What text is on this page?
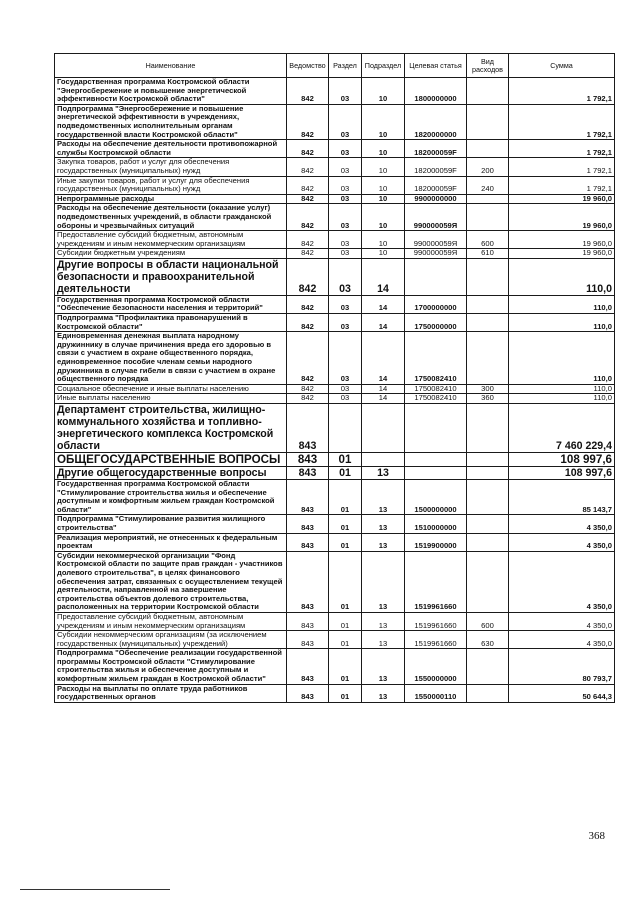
Наименование	Ведомство	Раздел	Подраздел	Целевая статья	Вид расходов	Сумма
Государственная программа Костромской области "Энергосбережение и повышение энергетической эффективности Костромской области"	842	03	10	1800000000		1 792,1
Подпрограмма "Энергосбережение и повышение энергетической эффективности в учреждениях, подведомственных исполнительным органам государственной власти Костромской области"	842	03	10	1820000000		1 792,1
Расходы на обеспечение деятельности противопожарной службы Костромской области	842	03	10	182000059F		1 792,1
Закупка товаров, работ и услуг для обеспечения государственных (муниципальных) нужд	842	03	10	182000059F	200	1 792,1
Иные закупки товаров, работ и услуг для обеспечения государственных (муниципальных) нужд	842	03	10	182000059F	240	1 792,1
Непрограммные расходы	842	03	10	9900000000		19 960,0
Расходы на обеспечение деятельности (оказание услуг) подведомственных учреждений, в области гражданской обороны и чрезвычайных ситуаций	842	03	10	990000059Я		19 960,0
Предоставление субсидий бюджетным, автономным учреждениям и иным некоммерческим организациям	842	03	10	990000059Я	600	19 960,0
Субсидии бюджетным учреждениям	842	03	10	990000059Я	610	19 960,0
Другие вопросы в области национальной безопасности и правоохранительной деятельности	842	03	14			110,0
Государственная программа Костромской области "Обеспечение безопасности населения и территорий"	842	03	14	1700000000		110,0
Подпрограмма "Профилактика правонарушений в Костромской области"	842	03	14	1750000000		110,0
Единовременная денежная выплата народному дружиннику в случае причинения вреда его здоровью в связи с участием в охране общественного порядка, единовременное пособие членам семьи народного дружинника в случае гибели в связи с участием в охране общественного порядка	842	03	14	1750082410		110,0
Социальное обеспечение и иные выплаты населению	842	03	14	1750082410	300	110,0
Иные выплаты населению	842	03	14	1750082410	360	110,0
Департамент строительства, жилищно-коммунального хозяйства и топливно-энергетического комплекса Костромской области	843					7 460 229,4
ОБЩЕГОСУДАРСТВЕННЫЕ ВОПРОСЫ	843	01				108 997,6
Другие общегосударственные вопросы	843	01	13			108 997,6
Государственная программа Костромской области "Стимулирование строительства жилья и обеспечение доступным и комфортным жильем граждан Костромской области"	843	01	13	1500000000		85 143,7
Подпрограмма "Стимулирование развития жилищного строительства"	843	01	13	1510000000		4 350,0
Реализация мероприятий, не отнесенных к федеральным проектам	843	01	13	1519900000		4 350,0
Субсидии некоммерческой организации "Фонд Костромской области по защите прав граждан - участников долевого строительства", в целях финансового обеспечения затрат, связанных с осуществлением текущей деятельности, направленной на завершение строительства объектов долевого строительства, расположенных на территории Костромской области	843	01	13	1519961660		4 350,0
Предоставление субсидий бюджетным, автономным учреждениям и иным некоммерческим организациям	843	01	13	1519961660	600	4 350,0
Субсидии некоммерческим организациям (за исключением государственных (муниципальных) учреждений)	843	01	13	1519961660	630	4 350,0
Подпрограмма "Обеспечение реализации государственной программы Костромской области "Стимулирование строительства жилья и обеспечение доступным и комфортным жильем граждан в Костромской области"	843	01	13	1550000000		80 793,7
Расходы на выплаты по оплате труда работников государственных органов	843	01	13	1550000110		50 644,3
368
